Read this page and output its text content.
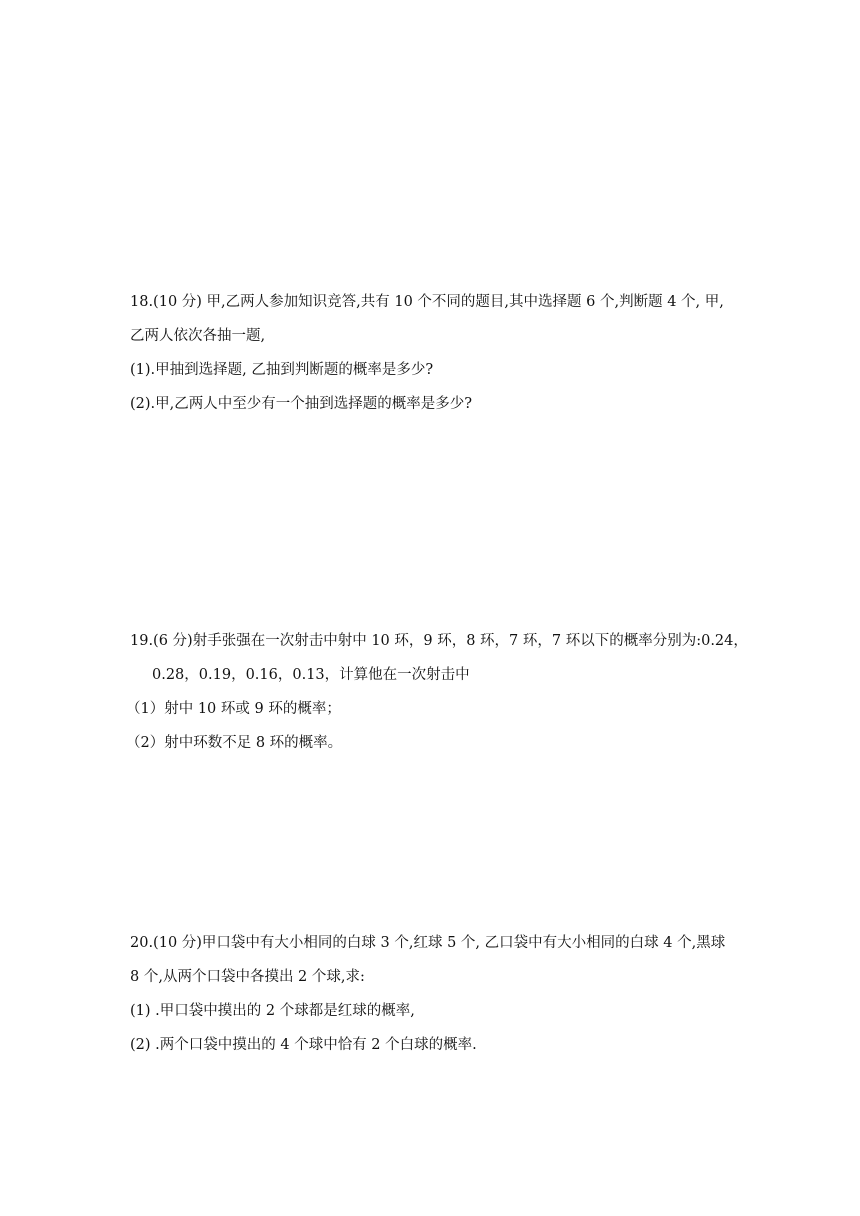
18.(10 分) 甲,乙两人参加知识竞答,共有 10 个不同的题目,其中选择题 6 个,判断题 4 个, 甲,
乙两人依次各抽一题,
(1).甲抽到选择题, 乙抽到判断题的概率是多少?
(2).甲,乙两人中至少有一个抽到选择题的概率是多少?
19.(6 分)射手张强在一次射击中射中 10 环，9 环，8 环，7 环，7 环以下的概率分别为:0.24，
0.28，0.19，0.16，0.13，计算他在一次射击中
（1）射中 10 环或 9 环的概率；
（2）射中环数不足 8 环的概率。
20.(10 分)甲口袋中有大小相同的白球 3 个,红球 5 个, 乙口袋中有大小相同的白球 4 个,黑球
8 个,从两个口袋中各摸出 2 个球,求:
(1) .甲口袋中摸出的 2 个球都是红球的概率,
(2) .两个口袋中摸出的 4 个球中恰有 2 个白球的概率.
